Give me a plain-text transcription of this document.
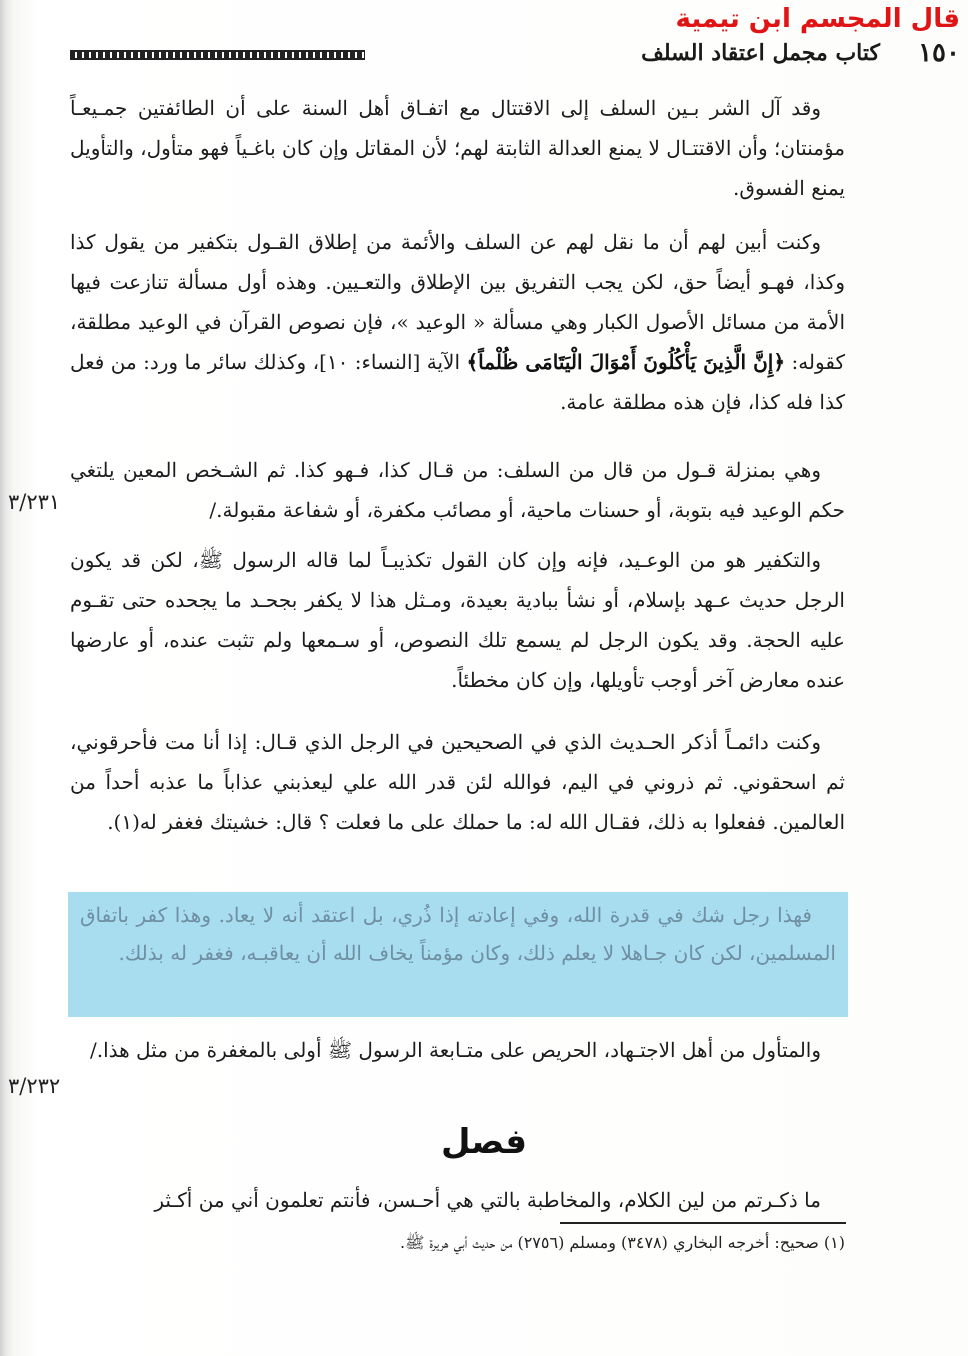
قال المجسم ابن تيمية
كتاب مجمل اعتقاد السلف ١٥٠

وقد آل الشر بـين السلف إلى الاقتتال مع اتفـاق أهل السنة على أن الطائفتين جمـيعـاً مؤمنتان؛ وأن الاقتتـال لا يمنع العدالة الثابتة لهم؛ لأن المقاتل وإن كان باغـياً فهو متأول، والتأويل يمنع الفسوق.

وكنت أبين لهم أن ما نقل لهم عن السلف والأئمة من إطلاق القـول بتكفير من يقول كذا وكذا، فهـو أيضاً حق، لكن يجب التفريق بين الإطلاق والتعـيين. وهذه أول مسألة تنازعت فيها الأمة من مسائل الأصول الكبار وهي مسألة « الوعيد »، فإن نصوص القرآن في الوعيد مطلقة، كقوله: ﴿إِنَّ الَّذِينَ يَأْكُلُونَ أَمْوَالَ الْيَتَامَى ظُلْماً﴾ الآية [النساء: ١٠]، وكذلك سائر ما ورد: من فعل كذا فله كذا، فإن هذه مطلقة عامة.

وهي بمنزلة قـول من قال من السلف: من قـال كذا، فـهو كذا. ثم الشـخص المعين يلتغي حكم الوعيد فيه بتوبة، أو حسنات ماحية، أو مصائب مكفرة، أو شفاعة مقبولة./

٣/٢٣١

والتكفير هو من الوعـيد، فإنه وإن كان القول تكذيبـاً لما قاله الرسول ﷺ، لكن قد يكون الرجل حديث عـهد بإسلام، أو نشأ ببادية بعيدة، ومـثل هذا لا يكفر بجحـد ما يجحده حتى تقـوم عليه الحجة. وقد يكون الرجل لم يسمع تلك النصوص، أو سـمعها ولم تثبت عنده، أو عارضها عنده معارض آخر أوجب تأويلها، وإن كان مخطئاً.

وكنت دائمـاً أذكر الحـديث الذي في الصحيحين في الرجل الذي قـال: إذا أنا مت فأحرقوني، ثم اسحقوني. ثم ذروني في اليم، فوالله لئن قدر الله علي ليعذبني عذاباً ما عذبه أحداً من العالمين. ففعلوا به ذلك، فقـال الله له: ما حملك على ما فعلت ؟ قال: خشيتك فغفر له(١).

فهذا رجل شك في قدرة الله، وفي إعادته إذا ذُري، بل اعتقد أنه لا يعاد. وهذا كفر باتفاق المسلمين، لكن كان جـاهلا لا يعلم ذلك، وكان مؤمناً يخاف الله أن يعاقبـه، فغفر له بذلك.

والمتأول من أهل الاجتـهاد، الحريص على متـابعة الرسول ﷺ أولى بالمغفرة من مثل هذا./

٣/٢٣٢
فصل

ما ذكـرتم من لين الكلام، والمخاطبة بالتي هي أحـسن، فأنتم تعلمون أني من أكـثر

(١) صحيح: أخرجه البخاري (٣٤٧٨) ومسلم (٢٧٥٦) من حديث أبي هريرة ﷺ.
